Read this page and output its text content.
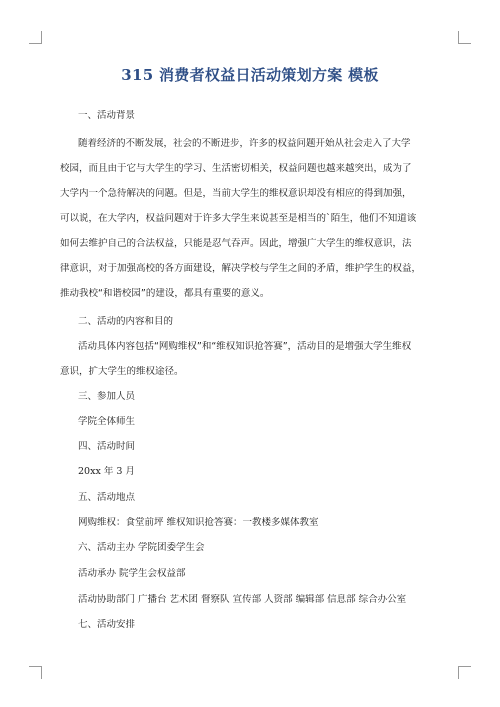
315 消费者权益日活动策划方案 模板
一、活动背景
随着经济的不断发展，社会的不断进步，许多的权益问题开始从社会走入了大学
校园，而且由于它与大学生的学习、生活密切相关，权益问题也越来越突出，成为了
大学内一个急待解决的问题。但是，当前大学生的维权意识却没有相应的得到加强，
可以说，在大学内，权益问题对于许多大学生来说甚至是相当的`陌生，他们不知道该
如何去维护自己的合法权益，只能是忍气吞声。因此，增强广大学生的维权意识，法
律意识，对于加强高校的各方面建设，解决学校与学生之间的矛盾，维护学生的权益，
推动我校“和谐校园”的建设，都具有重要的意义。
二、活动的内容和目的
活动具体内容包括“网购维权”和“维权知识抢答赛”，活动目的是增强大学生维权
意识，扩大学生的维权途径。
三、参加人员
学院全体师生
四、活动时间
20xx 年 3 月
五、活动地点
网购维权：食堂前坪 维权知识抢答赛：一教楼多媒体教室
六、活动主办 学院团委学生会
活动承办 院学生会权益部
活动协助部门 广播台 艺术团 督察队 宣传部 人资部 编辑部 信息部 综合办公室
七、活动安排
